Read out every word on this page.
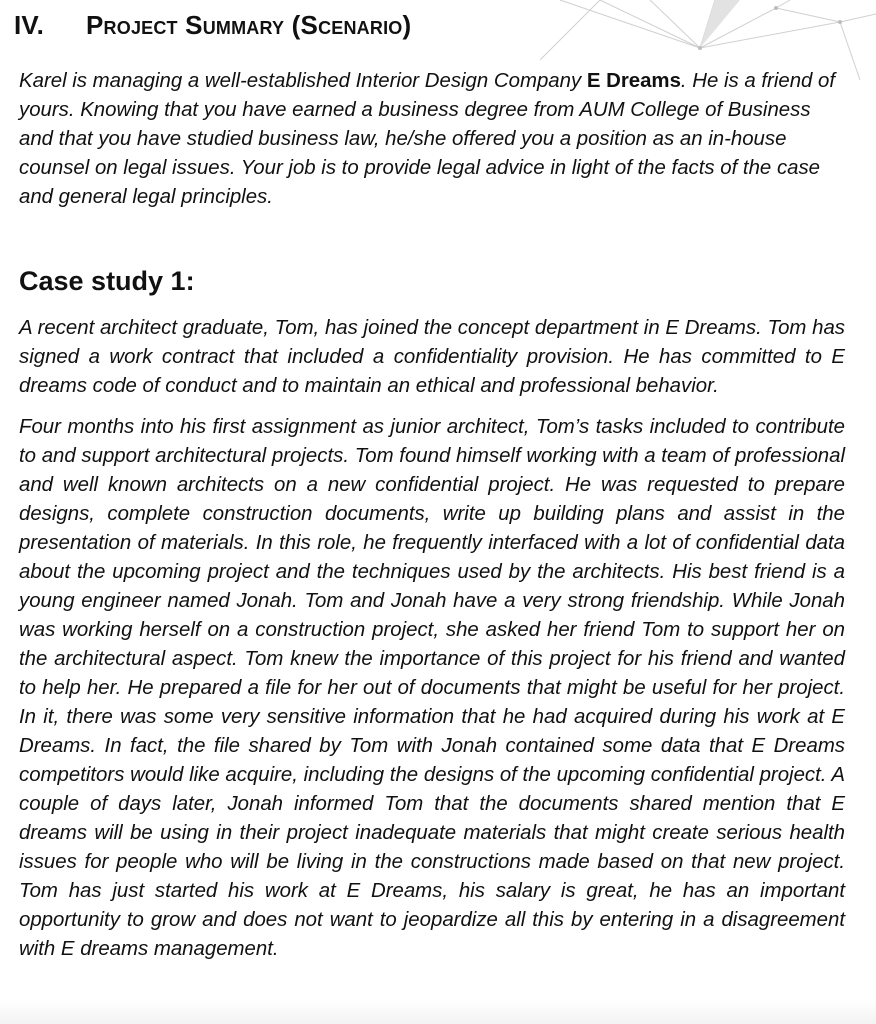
IV.	Project Summary (Scenario)

Karel is managing a well-established Interior Design Company E Dreams. He is a friend of yours. Knowing that you have earned a business degree from AUM College of Business and that you have studied business law, he/she offered you a position as an in-house counsel on legal issues. Your job is to provide legal advice in light of the facts of the case and general legal principles.

Case study 1:

A recent architect graduate, Tom, has joined the concept department in E Dreams. Tom has signed a work contract that included a confidentiality provision. He has committed to E dreams code of conduct and to maintain an ethical and professional behavior.

Four months into his first assignment as junior architect, Tom’s tasks included to contribute to and support architectural projects. Tom found himself working with a team of professional and well known architects on a new confidential project. He was requested to prepare designs, complete construction documents, write up building plans and assist in the presentation of materials. In this role, he frequently interfaced with a lot of confidential data about the upcoming project and the techniques used by the architects. His best friend is a young engineer named Jonah. Tom and Jonah have a very strong friendship. While Jonah was working herself on a construction project, she asked her friend Tom to support her on the architectural aspect. Tom knew the importance of this project for his friend and wanted to help her. He prepared a file for her out of documents that might be useful for her project. In it, there was some very sensitive information that he had acquired during his work at E Dreams. In fact, the file shared by Tom with Jonah contained some data that E Dreams competitors would like acquire, including the designs of the upcoming confidential project. A couple of days later, Jonah informed Tom that the documents shared mention that E dreams will be using in their project inadequate materials that might create serious health issues for people who will be living in the constructions made based on that new project. Tom has just started his work at E Dreams, his salary is great, he has an important opportunity to grow and does not want to jeopardize all this by entering in a disagreement with E dreams management.
